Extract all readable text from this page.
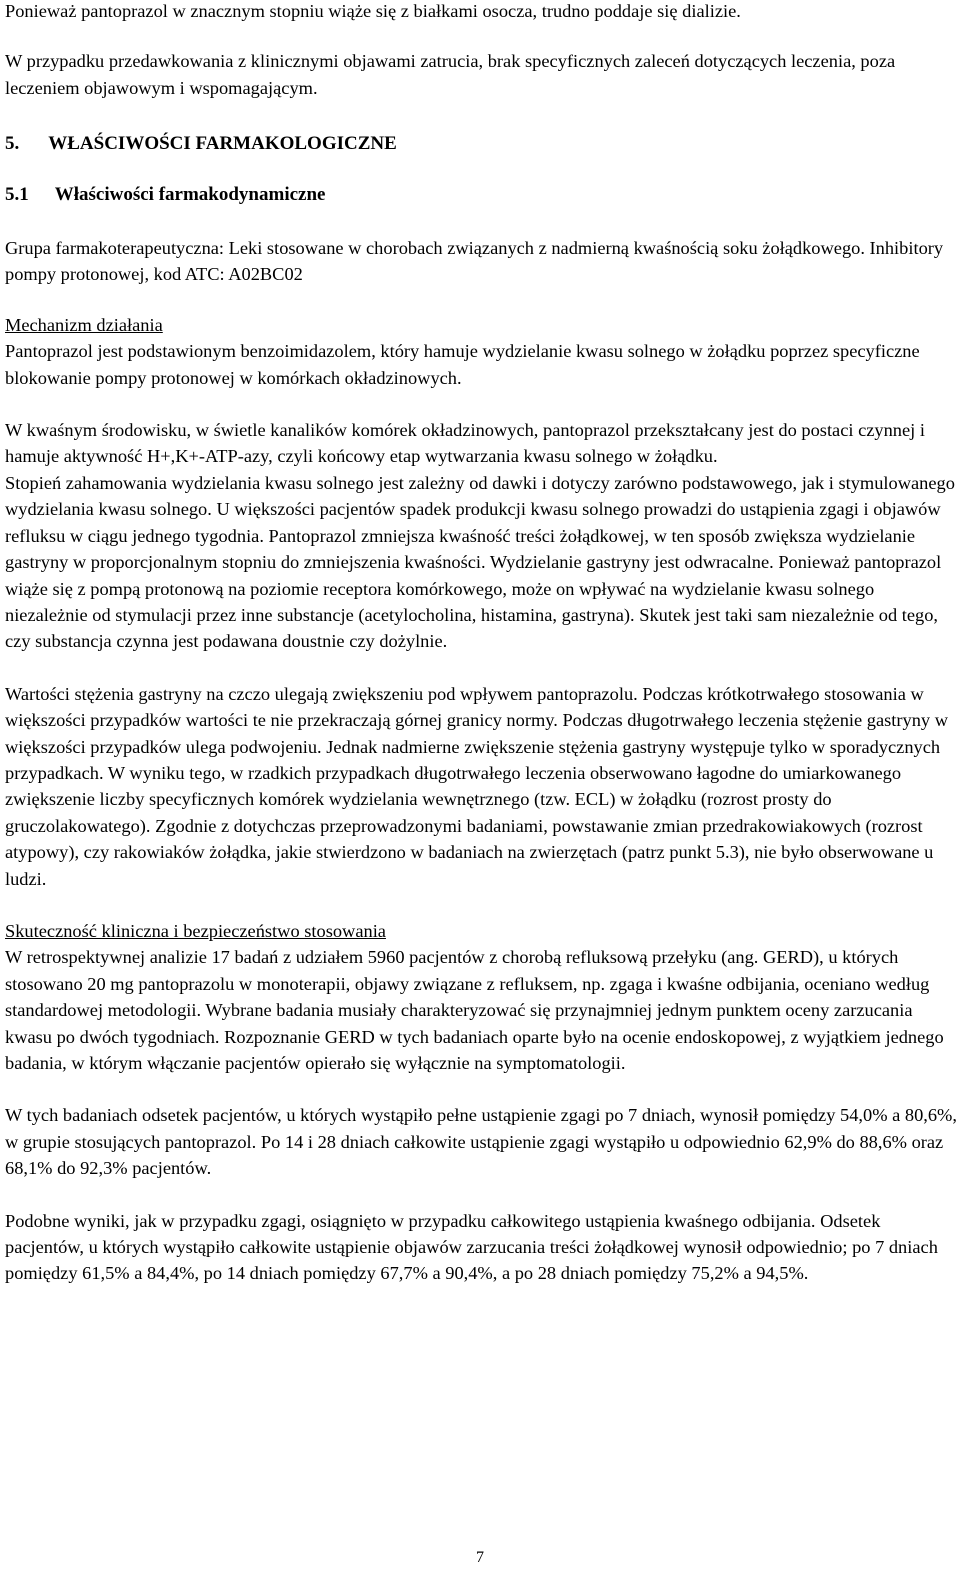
Ponieważ pantoprazol w znacznym stopniu wiąże się z białkami osocza, trudno poddaje się dializie.

W przypadku przedawkowania z klinicznymi objawami zatrucia, brak specyficznych zaleceń dotyczących leczenia, poza leczeniem objawowym i wspomagającym.

5. WŁAŚCIWOŚCI FARMAKOLOGICZNE
5.1 Właściwości farmakodynamiczne

Grupa farmakoterapeutyczna: Leki stosowane w chorobach związanych z nadmierną kwaśnością soku żołądkowego. Inhibitory pompy protonowej, kod ATC: A02BC02

Mechanizm działania

Pantoprazol jest podstawionym benzoimidazolem, który hamuje wydzielanie kwasu solnego w żołądku poprzez specyficzne blokowanie pompy protonowej w komórkach okładzinowych.

W kwaśnym środowisku, w świetle kanalików komórek okładzinowych, pantoprazol przekształcany jest do postaci czynnej i hamuje aktywność H+,K+-ATP-azy, czyli końcowy etap wytwarzania kwasu solnego w żołądku.

Stopień zahamowania wydzielania kwasu solnego jest zależny od dawki i dotyczy zarówno podstawowego, jak i stymulowanego wydzielania kwasu solnego. U większości pacjentów spadek produkcji kwasu solnego prowadzi do ustąpienia zgagi i objawów refluksu w ciągu jednego tygodnia. Pantoprazol zmniejsza kwaśność treści żołądkowej, w ten sposób zwiększa wydzielanie gastryny w proporcjonalnym stopniu do zmniejszenia kwaśności. Wydzielanie gastryny jest odwracalne. Ponieważ pantoprazol wiąże się z pompą protonową na poziomie receptora komórkowego, może on wpływać na wydzielanie kwasu solnego niezależnie od stymulacji przez inne substancje (acetylocholina, histamina, gastryna). Skutek jest taki sam niezależnie od tego, czy substancja czynna jest podawana doustnie czy dożylnie.

Wartości stężenia gastryny na czczo ulegają zwiększeniu pod wpływem pantoprazolu. Podczas krótkotrwałego stosowania w większości przypadków wartości te nie przekraczają górnej granicy normy. Podczas długotrwałego leczenia stężenie gastryny w większości przypadków ulega podwojeniu. Jednak nadmierne zwiększenie stężenia gastryny występuje tylko w sporadycznych przypadkach. W wyniku tego, w rzadkich przypadkach długotrwałego leczenia obserwowano łagodne do umiarkowanego zwiększenie liczby specyficznych komórek wydzielania wewnętrznego (tzw. ECL) w żołądku (rozrost prosty do gruczolakowatego). Zgodnie z dotychczas przeprowadzonymi badaniami, powstawanie zmian przedrakowiakowych (rozrost atypowy), czy rakowiaków żołądka, jakie stwierdzono w badaniach na zwierzętach (patrz punkt 5.3), nie było obserwowane u ludzi.

Skuteczność kliniczna i bezpieczeństwo stosowania

W retrospektywnej analizie 17 badań z udziałem 5960 pacjentów z chorobą refluksową przełyku (ang. GERD), u których stosowano 20 mg pantoprazolu w monoterapii, objawy związane z refluksem, np. zgaga i kwaśne odbijania, oceniano według standardowej metodologii. Wybrane badania musiały charakteryzować się przynajmniej jednym punktem oceny zarzucania kwasu po dwóch tygodniach. Rozpoznanie GERD w tych badaniach oparte było na ocenie endoskopowej, z wyjątkiem jednego badania, w którym włączanie pacjentów opierało się wyłącznie na symptomatologii.

W tych badaniach odsetek pacjentów, u których wystąpiło pełne ustąpienie zgagi po 7 dniach, wynosił pomiędzy 54,0% a 80,6%, w grupie stosujących pantoprazol. Po 14 i 28 dniach całkowite ustąpienie zgagi wystąpiło u odpowiednio 62,9% do 88,6% oraz 68,1% do 92,3% pacjentów.

Podobne wyniki, jak w przypadku zgagi, osiągnięto w przypadku całkowitego ustąpienia kwaśnego odbijania. Odsetek pacjentów, u których wystąpiło całkowite ustąpienie objawów zarzucania treści żołądkowej wynosił odpowiednio; po 7 dniach pomiędzy 61,5% a 84,4%, po 14 dniach pomiędzy 67,7% a 90,4%, a po 28 dniach pomiędzy 75,2% a 94,5%.

7
